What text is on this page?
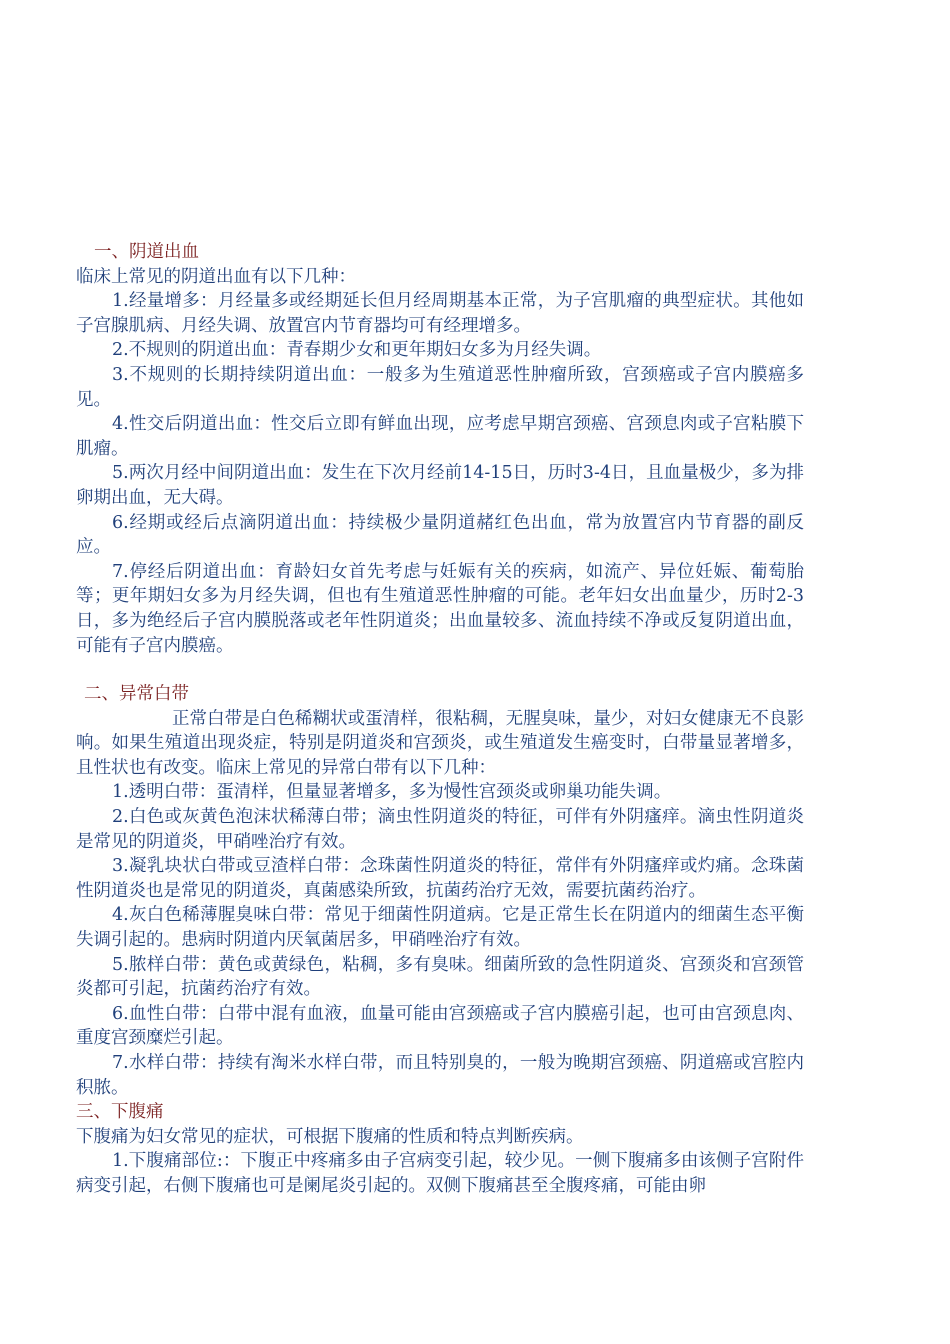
一、阴道出血

临床上常见的阴道出血有以下几种：

1.经量增多：月经量多或经期延长但月经周期基本正常，为子宫肌瘤的典型症状。其他如子宫腺肌病、月经失调、放置宫内节育器均可有经理增多。

2.不规则的阴道出血：青春期少女和更年期妇女多为月经失调。

3.不规则的长期持续阴道出血：一般多为生殖道恶性肿瘤所致，宫颈癌或子宫内膜癌多见。

4.性交后阴道出血：性交后立即有鲜血出现，应考虑早期宫颈癌、宫颈息肉或子宫粘膜下肌瘤。

5.两次月经中间阴道出血：发生在下次月经前14-15日，历时3-4日，且血量极少，多为排卵期出血，无大碍。

6.经期或经后点滴阴道出血：持续极少量阴道赭红色出血，常为放置宫内节育器的副反应。

7.停经后阴道出血：育龄妇女首先考虑与妊娠有关的疾病，如流产、异位妊娠、葡萄胎等；更年期妇女多为月经失调，但也有生殖道恶性肿瘤的可能。老年妇女出血量少，历时2-3日，多为绝经后子宫内膜脱落或老年性阴道炎；出血量较多、流血持续不净或反复阴道出血，可能有子宫内膜癌。

二、异常白带

正常白带是白色稀糊状或蛋清样，很粘稠，无腥臭味，量少，对妇女健康无不良影响。如果生殖道出现炎症，特别是阴道炎和宫颈炎，或生殖道发生癌变时，白带量显著增多，且性状也有改变。临床上常见的异常白带有以下几种：

1.透明白带：蛋清样，但量显著增多，多为慢性宫颈炎或卵巢功能失调。

2.白色或灰黄色泡沫状稀薄白带；滴虫性阴道炎的特征，可伴有外阴瘙痒。滴虫性阴道炎是常见的阴道炎，甲硝唑治疗有效。

3.凝乳块状白带或豆渣样白带：念珠菌性阴道炎的特征，常伴有外阴瘙痒或灼痛。念珠菌性阴道炎也是常见的阴道炎，真菌感染所致，抗菌药治疗无效，需要抗菌药治疗。

4.灰白色稀薄腥臭味白带：常见于细菌性阴道病。它是正常生长在阴道内的细菌生态平衡失调引起的。患病时阴道内厌氧菌居多，甲硝唑治疗有效。

5.脓样白带：黄色或黄绿色，粘稠，多有臭味。细菌所致的急性阴道炎、宫颈炎和宫颈管炎都可引起，抗菌药治疗有效。

6.血性白带：白带中混有血液，血量可能由宫颈癌或子宫内膜癌引起，也可由宫颈息肉、重度宫颈糜烂引起。

7.水样白带：持续有淘米水样白带，而且特别臭的，一般为晚期宫颈癌、阴道癌或宫腔内积脓。

三、下腹痛

下腹痛为妇女常见的症状，可根据下腹痛的性质和特点判断疾病。

1.下腹痛部位:：下腹正中疼痛多由子宫病变引起，较少见。一侧下腹痛多由该侧子宫附件病变引起，右侧下腹痛也可是阑尾炎引起的。双侧下腹痛甚至全腹疼痛，可能由卵
